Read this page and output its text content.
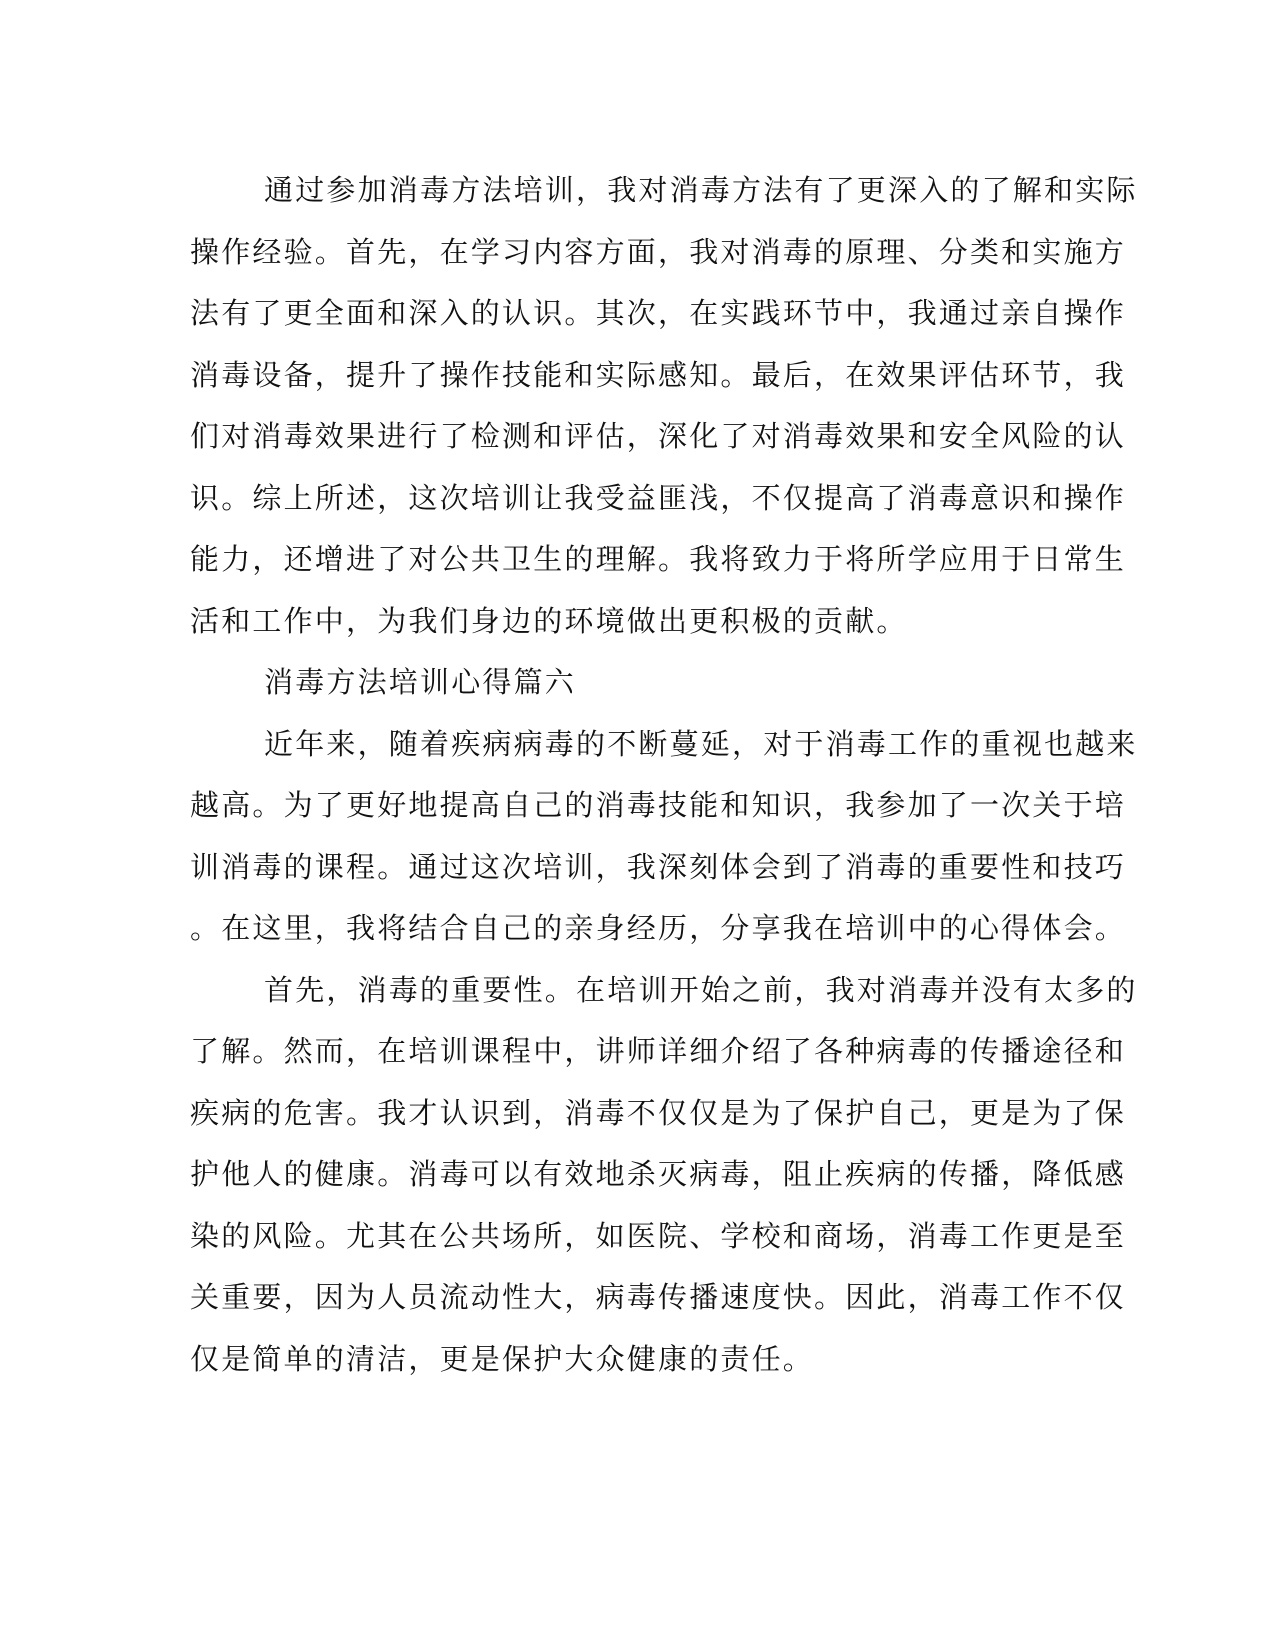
通过参加消毒方法培训，我对消毒方法有了更深入的了解和实际
操作经验。首先，在学习内容方面，我对消毒的原理、分类和实施方
法有了更全面和深入的认识。其次，在实践环节中，我通过亲自操作
消毒设备，提升了操作技能和实际感知。最后，在效果评估环节，我
们对消毒效果进行了检测和评估，深化了对消毒效果和安全风险的认
识。综上所述，这次培训让我受益匪浅，不仅提高了消毒意识和操作
能力，还增进了对公共卫生的理解。我将致力于将所学应用于日常生
活和工作中，为我们身边的环境做出更积极的贡献。
消毒方法培训心得篇六
近年来，随着疾病病毒的不断蔓延，对于消毒工作的重视也越来
越高。为了更好地提高自己的消毒技能和知识，我参加了一次关于培
训消毒的课程。通过这次培训，我深刻体会到了消毒的重要性和技巧
。在这里，我将结合自己的亲身经历，分享我在培训中的心得体会。
首先，消毒的重要性。在培训开始之前，我对消毒并没有太多的
了解。然而，在培训课程中，讲师详细介绍了各种病毒的传播途径和
疾病的危害。我才认识到，消毒不仅仅是为了保护自己，更是为了保
护他人的健康。消毒可以有效地杀灭病毒，阻止疾病的传播，降低感
染的风险。尤其在公共场所，如医院、学校和商场，消毒工作更是至
关重要，因为人员流动性大，病毒传播速度快。因此，消毒工作不仅
仅是简单的清洁，更是保护大众健康的责任。
